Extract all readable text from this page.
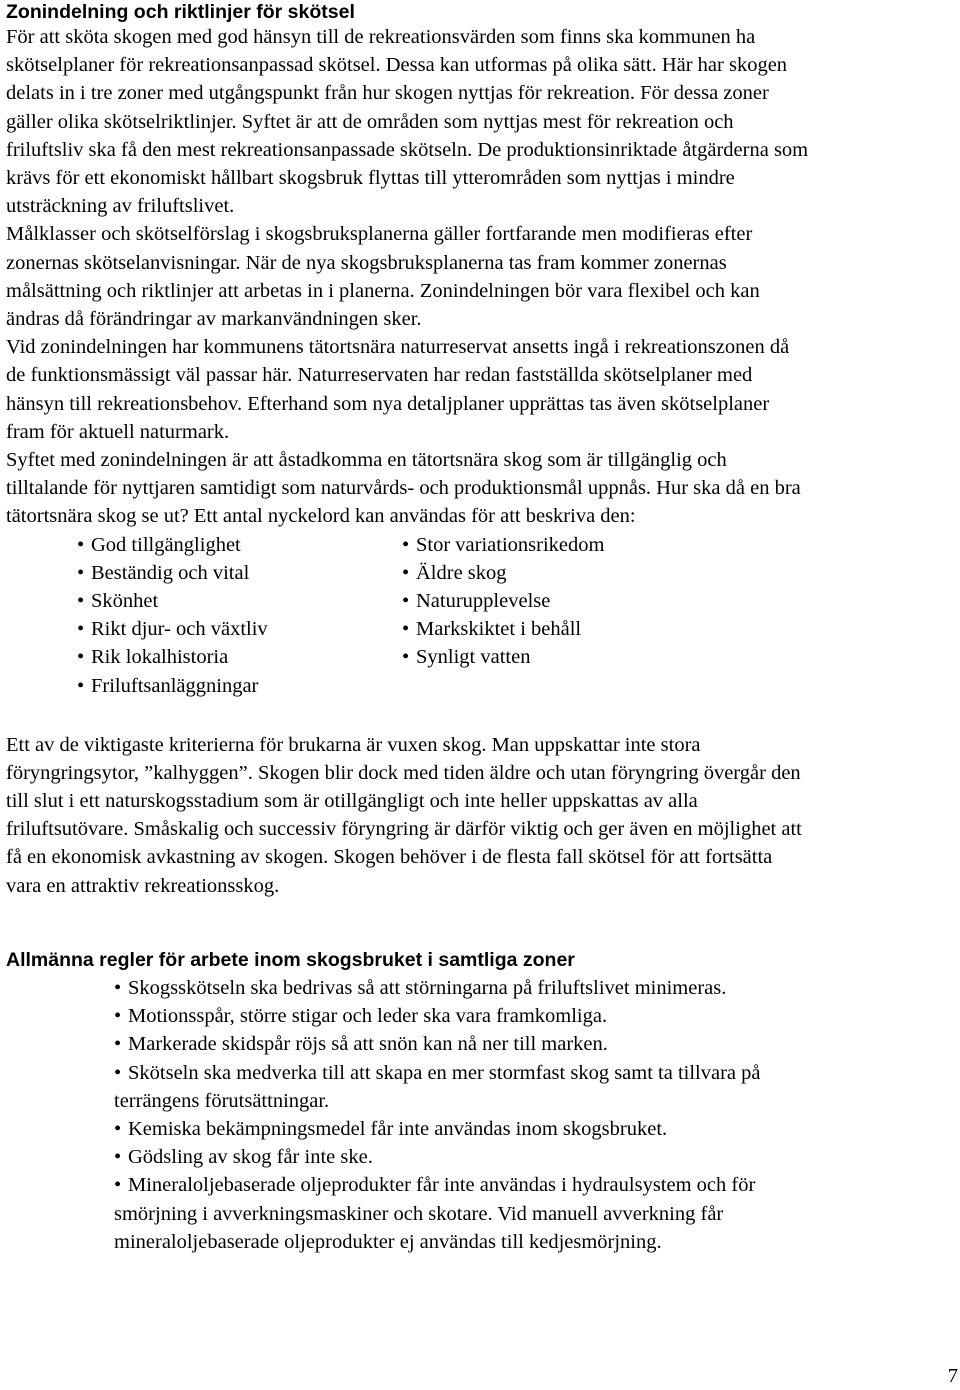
Zonindelning och riktlinjer för skötsel
För att sköta skogen med god hänsyn till de rekreationsvärden som finns ska kommunen ha
skötselplaner för rekreationsanpassad skötsel. Dessa kan utformas på olika sätt. Här har skogen
delats in i tre zoner med utgångspunkt från hur skogen nyttjas för rekreation. För dessa zoner
gäller olika skötselriktlinjer. Syftet är att de områden som nyttjas mest för rekreation och
friluftsliv ska få den mest rekreationsanpassade skötseln. De produktionsinriktade åtgärderna som
krävs för ett ekonomiskt hållbart skogsbruk flyttas till ytterområden som nyttjas i mindre
utsträckning av friluftslivet.
Målklasser och skötselförslag i skogsbruksplanerna gäller fortfarande men modifieras efter
zonernas skötselanvisningar. När de nya skogsbruksplanerna tas fram kommer zonernas
målsättning och riktlinjer att arbetas in i planerna. Zonindelningen bör vara flexibel och kan
ändras då förändringar av markanvändningen sker.
Vid zonindelningen har kommunens tätortsnära naturreservat ansetts ingå i rekreationszonen då
de funktionsmässigt väl passar här. Naturreservaten har redan fastställda skötselplaner med
hänsyn till rekreationsbehov. Efterhand som nya detaljplaner upprättas tas även skötselplaner
fram för aktuell naturmark.
Syftet med zonindelningen är att åstadkomma en tätortsnära skog som är tillgänglig och
tilltalande för nyttjaren samtidigt som naturvårds- och produktionsmål uppnås. Hur ska då en bra
tätortsnära skog se ut? Ett antal nyckelord kan användas för att beskriva den:
• God tillgänglighet
• Beständig och vital
• Skönhet
• Rikt djur- och växtliv
• Rik lokalhistoria
• Friluftsanläggningar
• Stor variationsrikedom
• Äldre skog
• Naturupplevelse
• Markskiktet i behåll
• Synligt vatten
Ett av de viktigaste kriterierna för brukarna är vuxen skog. Man uppskattar inte stora
föryngringsytor, ”kalhyggen”. Skogen blir dock med tiden äldre och utan föryngring övergår den
till slut i ett naturskogsstadium som är otillgängligt och inte heller uppskattas av alla
friluftsutövare. Småskalig och successiv föryngring är därför viktig och ger även en möjlighet att
få en ekonomisk avkastning av skogen. Skogen behöver i de flesta fall skötsel för att fortsätta
vara en attraktiv rekreationsskog.
Allmänna regler för arbete inom skogsbruket i samtliga zoner
• Skogsskötseln ska bedrivas så att störningarna på friluftslivet minimeras.
• Motionsspår, större stigar och leder ska vara framkomliga.
• Markerade skidspår röjs så att snön kan nå ner till marken.
• Skötseln ska medverka till att skapa en mer stormfast skog samt ta tillvara på
terrängens förutsättningar.
• Kemiska bekämpningsmedel får inte användas inom skogsbruket.
• Gödsling av skog får inte ske.
• Mineraloljebaserade oljeprodukter får inte användas i hydraulsystem och för
smörjning i avverkningsmaskiner och skotare. Vid manuell avverkning får
mineraloljebaserade oljeprodukter ej användas till kedjesmörjning.
7
